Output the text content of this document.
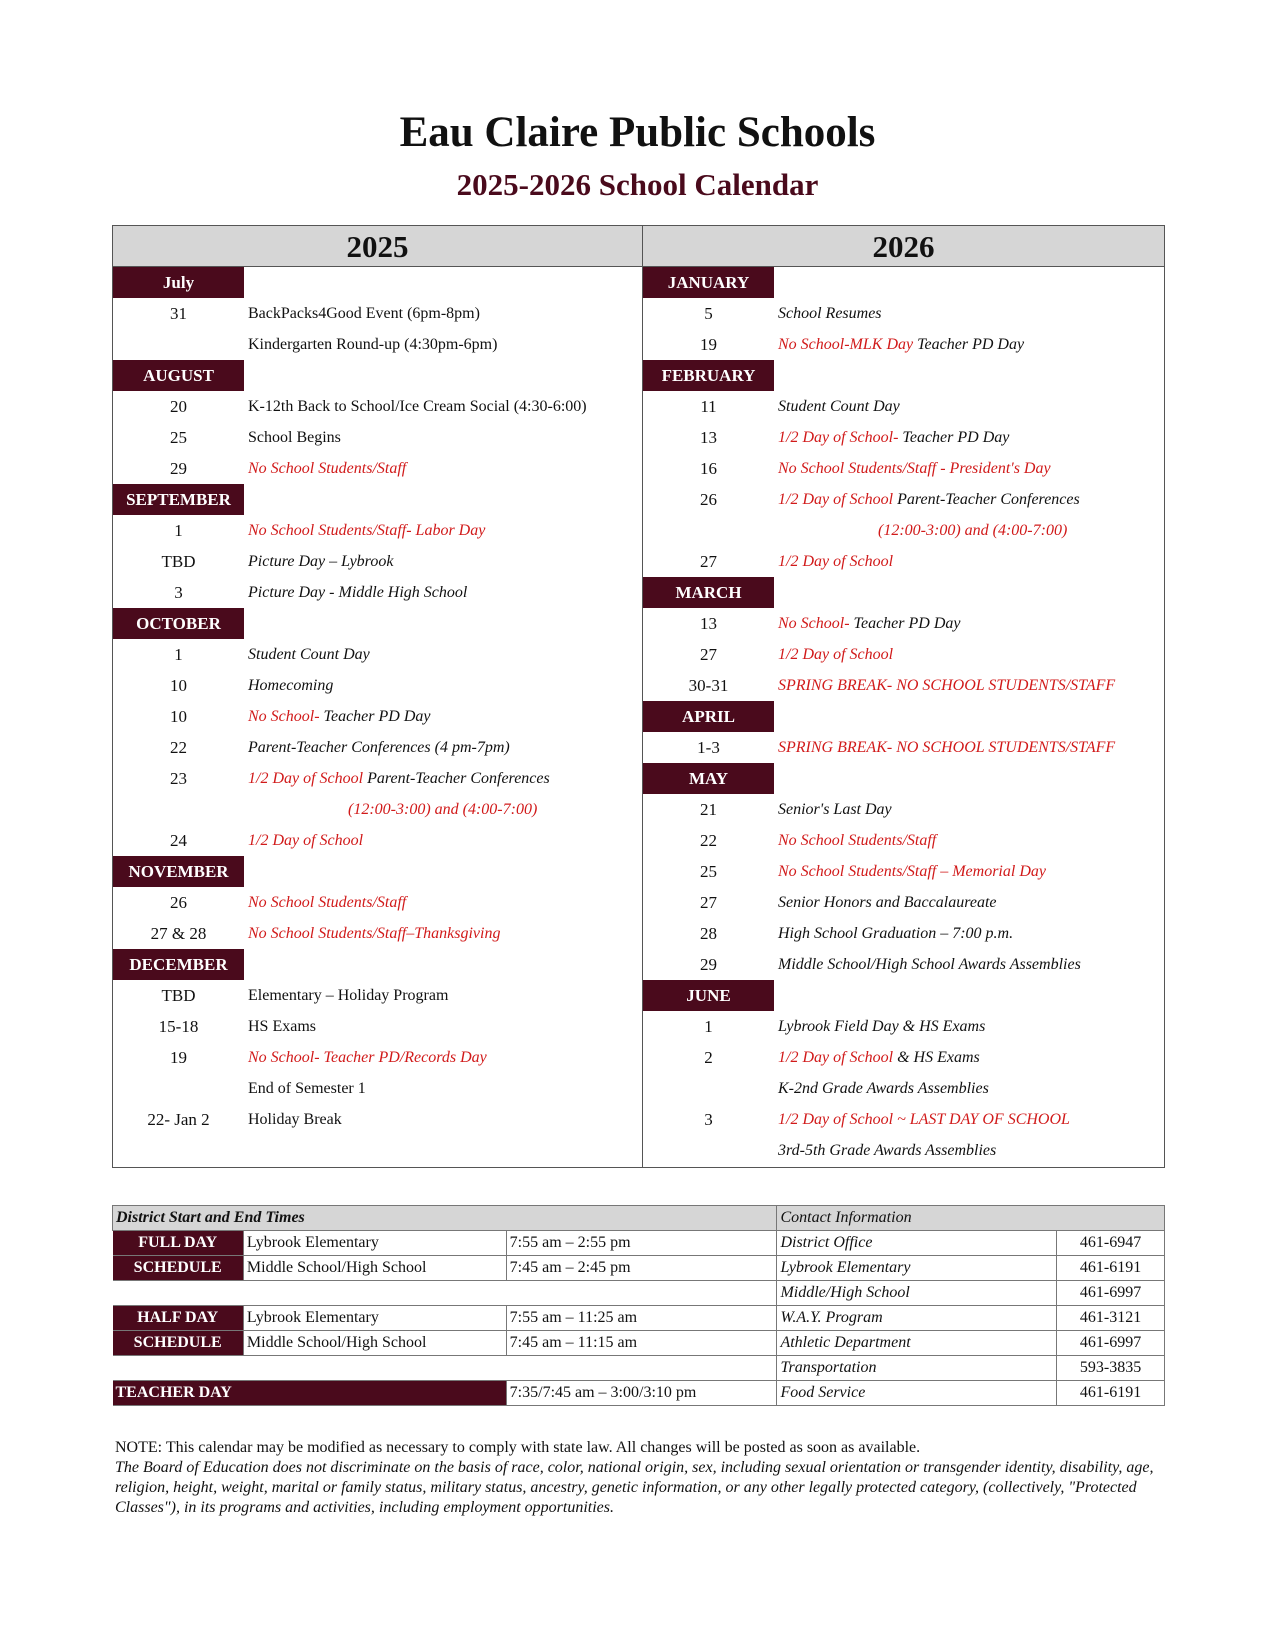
Eau Claire Public Schools
2025-2026 School Calendar
2025	2026
July
31	BackPacks4Good Event (6pm-8pm)
Kindergarten Round-up (4:30pm-6pm)
AUGUST
20	K-12th Back to School/Ice Cream Social (4:30-6:00)
25	School Begins
29	No School Students/Staff
SEPTEMBER
1	No School Students/Staff- Labor Day
TBD	Picture Day – Lybrook
3	Picture Day - Middle High School
OCTOBER
1	Student Count Day
10	Homecoming
10	No School- Teacher PD Day
22	Parent-Teacher Conferences (4 pm-7pm)
23	1/2 Day of School Parent-Teacher Conferences
(12:00-3:00) and (4:00-7:00)
24	1/2 Day of School
NOVEMBER
26	No School Students/Staff
27 & 28	No School Students/Staff–Thanksgiving
DECEMBER
TBD	Elementary – Holiday Program
15-18	HS Exams
19	No School- Teacher PD/Records Day
End of Semester 1
22- Jan 2	Holiday Break
JANUARY
5	School Resumes
19	No School-MLK Day Teacher PD Day
FEBRUARY
11	Student Count Day
13	1/2 Day of School- Teacher PD Day
16	No School Students/Staff - President's Day
26	1/2 Day of School Parent-Teacher Conferences
(12:00-3:00) and (4:00-7:00)
27	1/2 Day of School
MARCH
13	No School- Teacher PD Day
27	1/2 Day of School
30-31	SPRING BREAK- NO SCHOOL STUDENTS/STAFF
APRIL
1-3	SPRING BREAK- NO SCHOOL STUDENTS/STAFF
MAY
21	Senior's Last Day
22	No School Students/Staff
25	No School Students/Staff – Memorial Day
27	Senior Honors and Baccalaureate
28	High School Graduation – 7:00 p.m.
29	Middle School/High School Awards Assemblies
JUNE
1	Lybrook Field Day & HS Exams
2	1/2 Day of School & HS Exams
K-2nd Grade Awards Assemblies
3	1/2 Day of School ~ LAST DAY OF SCHOOL
3rd-5th Grade Awards Assemblies
District Start and End Times			Contact Information	
FULL DAY	Lybrook Elementary	7:55 am – 2:55 pm	District Office	461-6947
SCHEDULE	Middle School/High School	7:45 am – 2:45 pm	Lybrook Elementary	461-6191
			Middle/High School	461-6997
HALF DAY	Lybrook Elementary	7:55 am – 11:25 am	W.A.Y. Program	461-3121
SCHEDULE	Middle School/High School	7:45 am – 11:15 am	Athletic Department	461-6997
			Transportation	593-3835
TEACHER DAY		7:35/7:45 am – 3:00/3:10 pm	Food Service	461-6191
NOTE: This calendar may be modified as necessary to comply with state law. All changes will be posted as soon as available.
The Board of Education does not discriminate on the basis of race, color, national origin, sex, including sexual orientation or transgender identity, disability, age, religion, height, weight, marital or family status, military status, ancestry, genetic information, or any other legally protected category, (collectively, "Protected Classes"), in its programs and activities, including employment opportunities.
